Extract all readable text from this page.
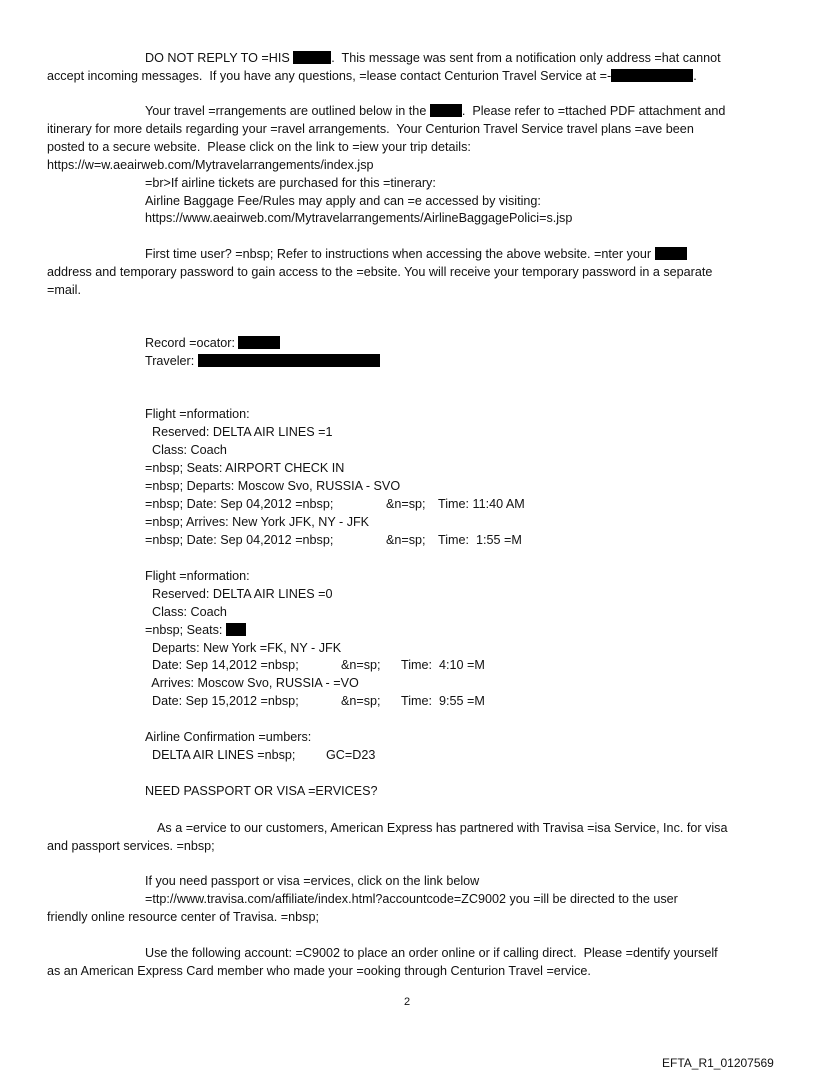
DO NOT REPLY TO =HIS	.  This message was sent from a notification only address =hat cannot
accept incoming messages.  If you have any questions, =lease contact Centurion Travel Service at =-	.
Your travel =rrangements are outlined below in the	.  Please refer to =ttached PDF attachment and
itinerary for more details regarding your =ravel arrangements.  Your Centurion Travel Service travel plans =ave been
posted to a secure website.  Please click on the link to =iew your trip details:
https://w=w.aeairweb.com/Mytravelarrangements/index.jsp
=br>If airline tickets are purchased for this =tinerary:
Airline Baggage Fee/Rules may apply and can =e accessed by visiting:
https://www.aeairweb.com/Mytravelarrangements/AirlineBaggagePolici=s.jsp
First time user? =nbsp; Refer to instructions when accessing the above website. =nter your
address and temporary password to gain access to the =ebsite. You will receive your temporary password in a separate
=mail.
Record =ocator:
Traveler:
Flight =nformation:
Reserved: DELTA AIR LINES =1
Class: Coach
=nbsp; Seats: AIRPORT CHECK IN
=nbsp; Departs: Moscow Svo, RUSSIA - SVO
=nbsp; Date: Sep 04,2012 =nbsp;	&n=sp; Time: 11:40 AM
=nbsp; Arrives: New York JFK, NY - JFK
=nbsp; Date: Sep 04,2012 =nbsp;	&n=sp; Time:  1:55 =M
Flight =nformation:
Reserved: DELTA AIR LINES =0
Class: Coach
=nbsp; Seats:
Departs: New York =FK, NY - JFK
Date: Sep 14,2012 =nbsp;	&n=sp; Time:  4:10 =M
Arrives: Moscow Svo, RUSSIA - =VO
Date: Sep 15,2012 =nbsp;	&n=sp; Time:  9:55 =M
Airline Confirmation =umbers:
DELTA AIR LINES =nbsp; GC=D23
NEED PASSPORT OR VISA =ERVICES?
As a =ervice to our customers, American Express has partnered with Travisa =isa Service, Inc. for visa
and passport services. =nbsp;
If you need passport or visa =ervices, click on the link below
=ttp://www.travisa.com/affiliate/index.html?accountcode=ZC9002 you =ill be directed to the user
friendly online resource center of Travisa. =nbsp;
Use the following account: =C9002 to place an order online or if calling direct.  Please =dentify yourself
as an American Express Card member who made your =ooking through Centurion Travel =ervice.
2
EFTA_R1_01207569
